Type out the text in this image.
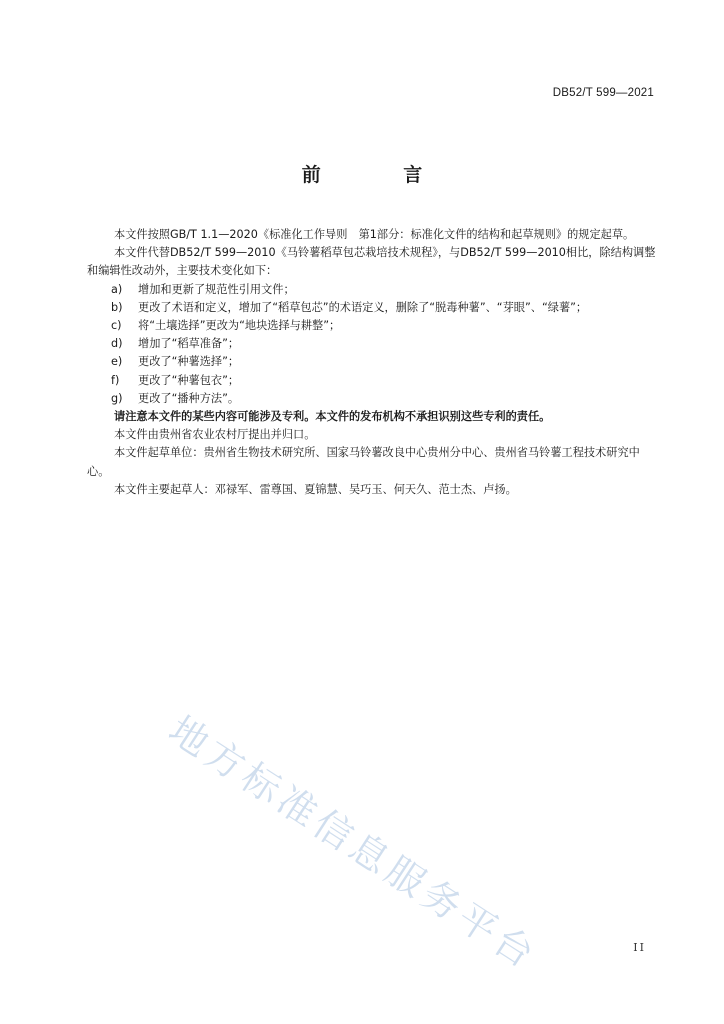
DB52/T 599—2021
前 言

本文件按照GB/T 1.1—2020《标准化工作导则　第1部分：标准化文件的结构和起草规则》的规定起草。

本文件代替DB52/T 599—2010《马铃薯稻草包芯栽培技术规程》，与DB52/T 599—2010相比，除结构调整和编辑性改动外，主要技术变化如下：

a)	增加和更新了规范性引用文件；
b)	更改了术语和定义，增加了“稻草包芯”的术语定义，删除了“脱毒种薯”、“芽眼”、“绿薯”；
c)	将“土壤选择”更改为“地块选择与耕整”；
d)	增加了“稻草准备”；
e)	更改了“种薯选择”；
f)	更改了“种薯包衣”；
g)	更改了“播种方法”。

请注意本文件的某些内容可能涉及专利。本文件的发布机构不承担识别这些专利的责任。

本文件由贵州省农业农村厅提出并归口。

本文件起草单位：贵州省生物技术研究所、国家马铃薯改良中心贵州分中心、贵州省马铃薯工程技术研究中心。

本文件主要起草人：邓禄军、雷尊国、夏锦慧、吴巧玉、何天久、范士杰、卢扬。

地方标准信息服务平台	II
